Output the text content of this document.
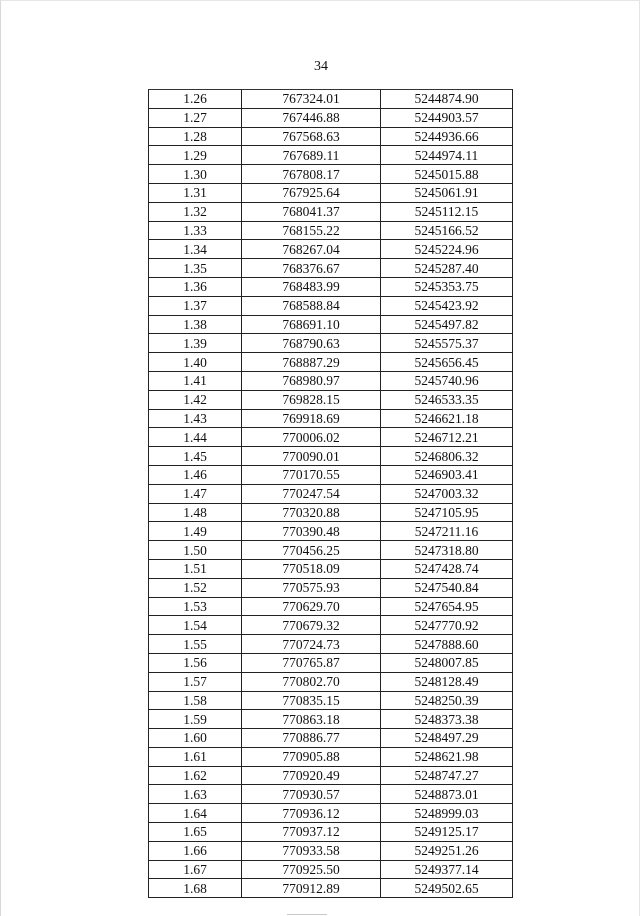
34
1.26	767324.01	5244874.90
1.27	767446.88	5244903.57
1.28	767568.63	5244936.66
1.29	767689.11	5244974.11
1.30	767808.17	5245015.88
1.31	767925.64	5245061.91
1.32	768041.37	5245112.15
1.33	768155.22	5245166.52
1.34	768267.04	5245224.96
1.35	768376.67	5245287.40
1.36	768483.99	5245353.75
1.37	768588.84	5245423.92
1.38	768691.10	5245497.82
1.39	768790.63	5245575.37
1.40	768887.29	5245656.45
1.41	768980.97	5245740.96
1.42	769828.15	5246533.35
1.43	769918.69	5246621.18
1.44	770006.02	5246712.21
1.45	770090.01	5246806.32
1.46	770170.55	5246903.41
1.47	770247.54	5247003.32
1.48	770320.88	5247105.95
1.49	770390.48	5247211.16
1.50	770456.25	5247318.80
1.51	770518.09	5247428.74
1.52	770575.93	5247540.84
1.53	770629.70	5247654.95
1.54	770679.32	5247770.92
1.55	770724.73	5247888.60
1.56	770765.87	5248007.85
1.57	770802.70	5248128.49
1.58	770835.15	5248250.39
1.59	770863.18	5248373.38
1.60	770886.77	5248497.29
1.61	770905.88	5248621.98
1.62	770920.49	5248747.27
1.63	770930.57	5248873.01
1.64	770936.12	5248999.03
1.65	770937.12	5249125.17
1.66	770933.58	5249251.26
1.67	770925.50	5249377.14
1.68	770912.89	5249502.65
